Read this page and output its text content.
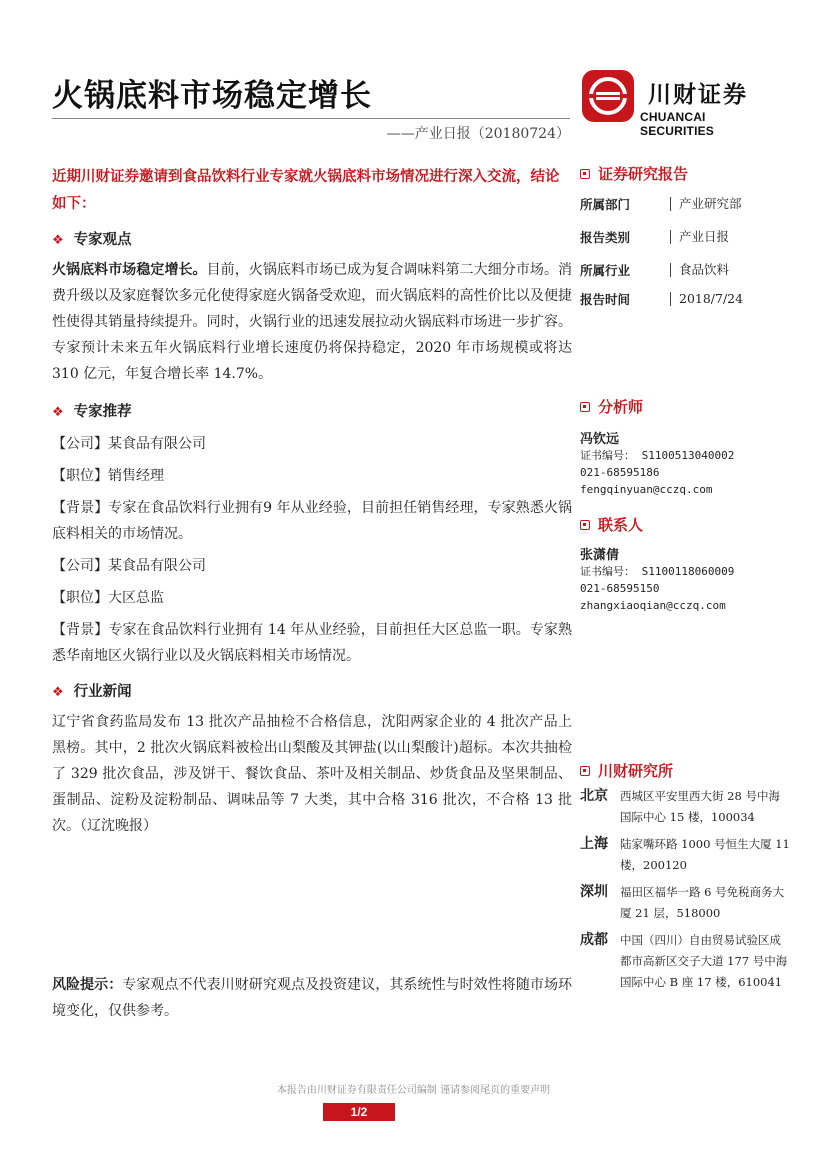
火锅底料市场稳定增长
——产业日报（20180724）
川财证券
CHUANCAI SECURITIES
近期川财证券邀请到食品饮料行业专家就火锅底料市场情况进行深入交流，结论如下：
❖ 专家观点
火锅底料市场稳定增长。目前，火锅底料市场已成为复合调味料第二大细分市场。消费升级以及家庭餐饮多元化使得家庭火锅备受欢迎，而火锅底料的高性价比以及便捷性使得其销量持续提升。同时，火锅行业的迅速发展拉动火锅底料市场进一步扩容。专家预计未来五年火锅底料行业增长速度仍将保持稳定，2020 年市场规模或将达 310 亿元，年复合增长率 14.7%。
❖ 专家推荐
【公司】某食品有限公司
【职位】销售经理
【背景】专家在食品饮料行业拥有9 年从业经验，目前担任销售经理，专家熟悉火锅底料相关的市场情况。
【公司】某食品有限公司
【职位】大区总监
【背景】专家在食品饮料行业拥有 14 年从业经验，目前担任大区总监一职。专家熟悉华南地区火锅行业以及火锅底料相关市场情况。
❖ 行业新闻
辽宁省食药监局发布 13 批次产品抽检不合格信息，沈阳两家企业的 4 批次产品上黑榜。其中，2 批次火锅底料被检出山梨酸及其钾盐(以山梨酸计)超标。本次共抽检了 329 批次食品，涉及饼干、餐饮食品、茶叶及相关制品、炒货食品及坚果制品、蛋制品、淀粉及淀粉制品、调味品等 7 大类，其中合格 316 批次，不合格 13 批次。（辽沈晚报）
风险提示：专家观点不代表川财研究观点及投资建议，其系统性与时效性将随市场环境变化，仅供参考。
证券研究报告
所属部门	产业研究部
报告类别	产业日报
所属行业	食品饮料
报告时间	2018/7/24
分析师
冯钦远
证书编号： S1100513040002
021-68595186
fengqinyuan@cczq.com
联系人
张潇倩
证书编号： S1100118060009
021-68595150
zhangxiaoqian@cczq.com
川财研究所
北京	西城区平安里西大街 28 号中海国际中心 15 楼，100034
上海	陆家嘴环路 1000 号恒生大厦 11 楼，200120
深圳	福田区福华一路 6 号免税商务大厦 21 层，518000
成都	中国（四川）自由贸易试验区成都市高新区交子大道 177 号中海国际中心 B 座 17 楼，610041
本报告由川财证券有限责任公司编制 谨请参阅尾页的重要声明
1/2
